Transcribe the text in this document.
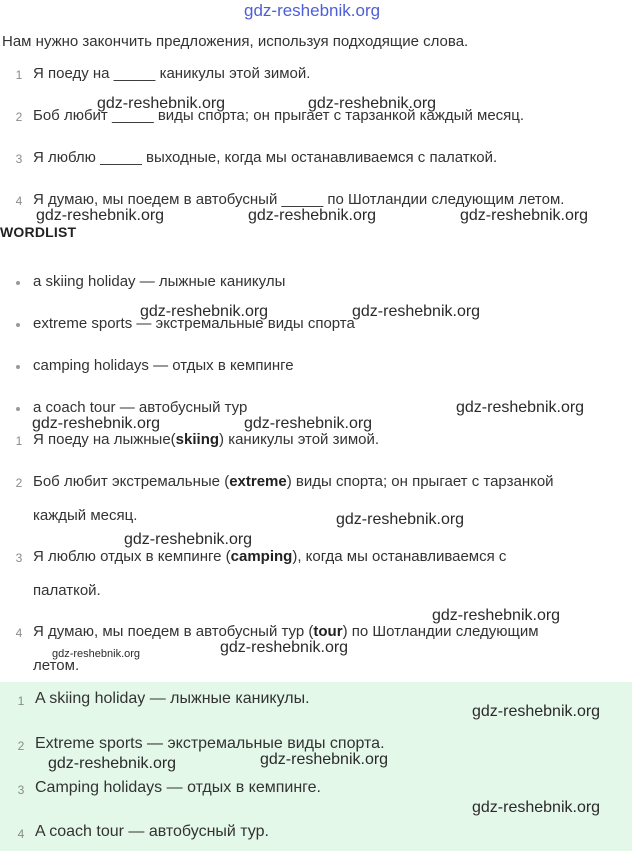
Нам нужно закончить предложения, используя подходящие слова.
1 Я поеду на _____ каникулы этой зимой.
2 Боб любит _____ виды спорта; он прыгает с тарзанкой каждый месяц.
3 Я люблю _____ выходные, когда мы останавливаемся с палаткой.
4 Я думаю, мы поедем в автобусный _____ по Шотландии следующим летом.
WORDLIST
a skiing holiday — лыжные каникулы
extreme sports — экстремальные виды спорта
camping holidays — отдых в кемпинге
a coach tour — автобусный тур
1 Я поеду на лыжные(skiing) каникулы этой зимой.
2 Боб любит экстремальные (extreme) виды спорта; он прыгает с тарзанкой
каждый месяц.
3 Я люблю отдых в кемпинге (camping), когда мы останавливаемся с
палаткой.
4 Я думаю, мы поедем в автобусный тур (tour) по Шотландии следующим
летом.
1 A skiing holiday — лыжные каникулы.
2 Extreme sports — экстремальные виды спорта.
3 Camping holidays — отдых в кемпинге.
4 A coach tour — автобусный тур.
gdz-reshebnik.org
gdz-reshebnik.org	gdz-reshebnik.org
gdz-reshebnik.org	gdz-reshebnik.org	gdz-reshebnik.org
gdz-reshebnik.org	gdz-reshebnik.org
gdz-reshebnik.org
gdz-reshebnik.org	gdz-reshebnik.org
gdz-reshebnik.org
gdz-reshebnik.org
gdz-reshebnik.org
gdz-reshebnik.org
gdz-reshebnik.org
gdz-reshebnik.org
gdz-reshebnik.org	gdz-reshebnik.org
gdz-reshebnik.org
